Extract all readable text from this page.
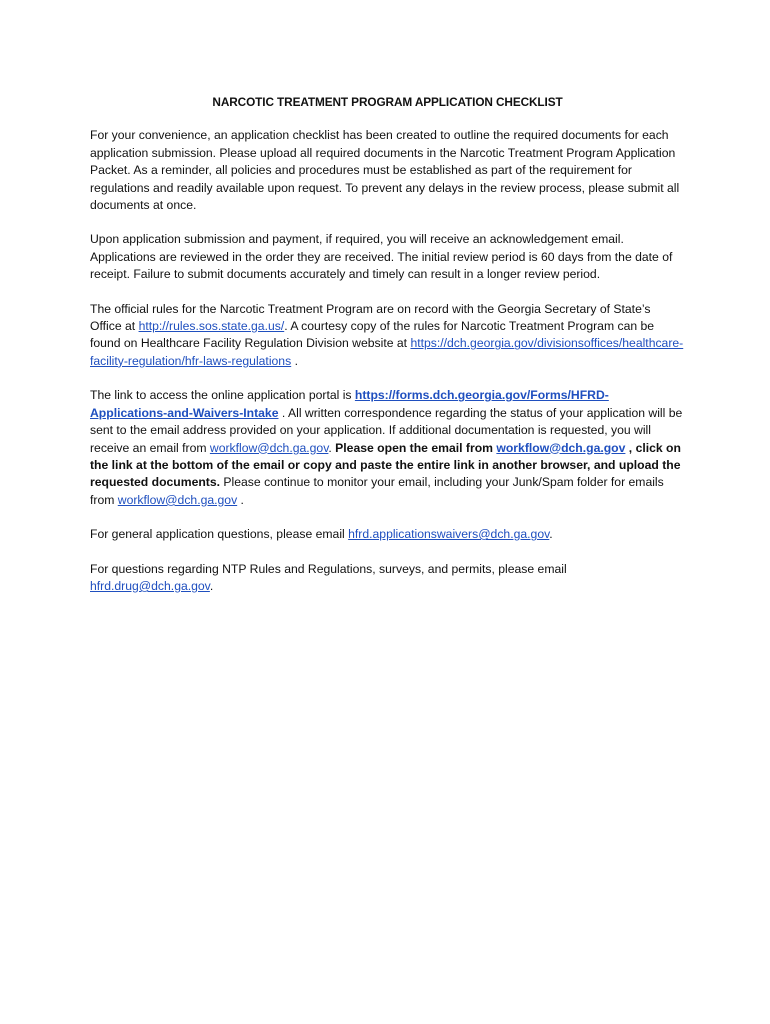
NARCOTIC TREATMENT PROGRAM APPLICATION CHECKLIST

For your convenience, an application checklist has been created to outline the required documents for each application submission. Please upload all required documents in the Narcotic Treatment Program Application Packet. As a reminder, all policies and procedures must be established as part of the requirement for regulations and readily available upon request. To prevent any delays in the review process, please submit all documents at once.

Upon application submission and payment, if required, you will receive an acknowledgement email. Applications are reviewed in the order they are received. The initial review period is 60 days from the date of receipt. Failure to submit documents accurately and timely can result in a longer review period.

The official rules for the Narcotic Treatment Program are on record with the Georgia Secretary of State’s Office at http://rules.sos.state.ga.us/. A courtesy copy of the rules for Narcotic Treatment Program can be found on Healthcare Facility Regulation Division website at https://dch.georgia.gov/divisionsoffices/healthcare-facility-regulation/hfr-laws-regulations .

The link to access the online application portal is https://forms.dch.georgia.gov/Forms/HFRD-Applications-and-Waivers-Intake . All written correspondence regarding the status of your application will be sent to the email address provided on your application. If additional documentation is requested, you will receive an email from workflow@dch.ga.gov. Please open the email from workflow@dch.ga.gov , click on the link at the bottom of the email or copy and paste the entire link in another browser, and upload the requested documents. Please continue to monitor your email, including your Junk/Spam folder for emails from workflow@dch.ga.gov .

For general application questions, please email hfrd.applicationswaivers@dch.ga.gov.

For questions regarding NTP Rules and Regulations, surveys, and permits, please email hfrd.drug@dch.ga.gov.
